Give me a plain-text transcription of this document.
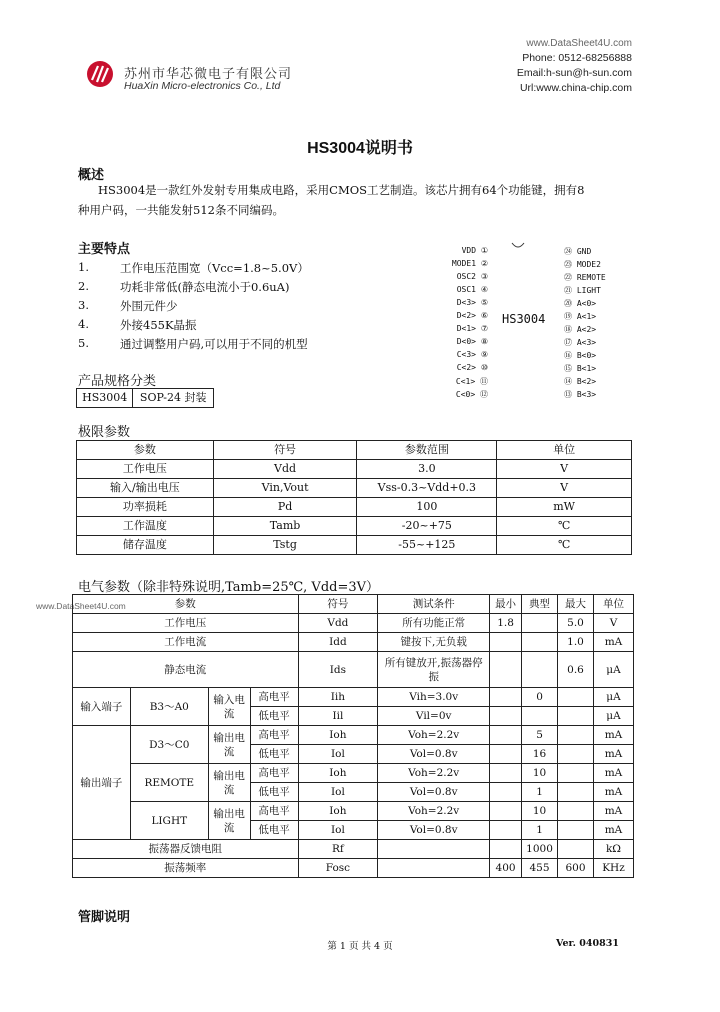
苏州市华芯微电子有限公司
HuaXin Micro-electronics Co., Ltd
www.DataSheet4U.com
Phone: 0512-68256888
Email:h-sun@h-sun.com
Url:www.china-chip.com
HS3004说明书
概述
HS3004是一款红外发射专用集成电路，采用CMOS工艺制造。该芯片拥有64个功能键，拥有8
种用户码，一共能发射512条不同编码。
主要特点
1.	工作电压范围宽（Vcc=1.8~5.0V）
2.	功耗非常低(静态电流小于0.6uA)
3.	外围元件少
4.	外接455K晶振
5.	通过调整用户码,可以用于不同的机型
HS3004
VDD ①
MODE1 ②
OSC2 ③
OSC1 ④
D<3> ⑤
D<2> ⑥
D<1> ⑦
D<0> ⑧
C<3> ⑨
C<2> ⑩
C<1> ⑪
C<0> ⑫
㉔ GND
㉓ MODE2
㉒ REMOTE
㉑ LIGHT
⑳ A<0>
⑲ A<1>
⑱ A<2>
⑰ A<3>
⑯ B<0>
⑮ B<1>
⑭ B<2>
⑬ B<3>
产品规格分类
HS3004	SOP-24 封装
极限参数
参数	符号	参数范围	单位
工作电压	Vdd	3.0	V
输入/输出电压	Vin,Vout	Vss-0.3~Vdd+0.3	V
功率损耗	Pd	100	mW
工作温度	Tamb	-20~+75	℃
储存温度	Tstg	-55~+125	℃
电气参数（除非特殊说明,Tamb=25℃, Vdd=3V）
www.DataSheet4U.com	参数				符号	测试条件	最小	典型	最大	单位
工作电压				Vdd	所有功能正常	1.8		5.0	V
工作电流				Idd	键按下,无负载			1.0	mA
静态电流				Ids	所有键放开,振荡器停振			0.6	μA
输入端子	B3～A0	输入电流	高电平	Iih	Vih=3.0v		0		μA
			低电平	Iil	Vil=0v				μA
输出端子	D3～C0	输出电流	高电平	Ioh	Voh=2.2v		5		mA
			低电平	Iol	Vol=0.8v		16		mA
	REMOTE	输出电流	高电平	Ioh	Voh=2.2v		10		mA
			低电平	Iol	Vol=0.8v		1		mA
	LIGHT	输出电流	高电平	Ioh	Voh=2.2v		10		mA
			低电平	Iol	Vol=0.8v		1		mA
振荡器反馈电阻				Rf			1000		kΩ
振荡频率				Fosc		400	455	600	KHz
管脚说明
第 1 页 共 4 页	Ver. 040831
